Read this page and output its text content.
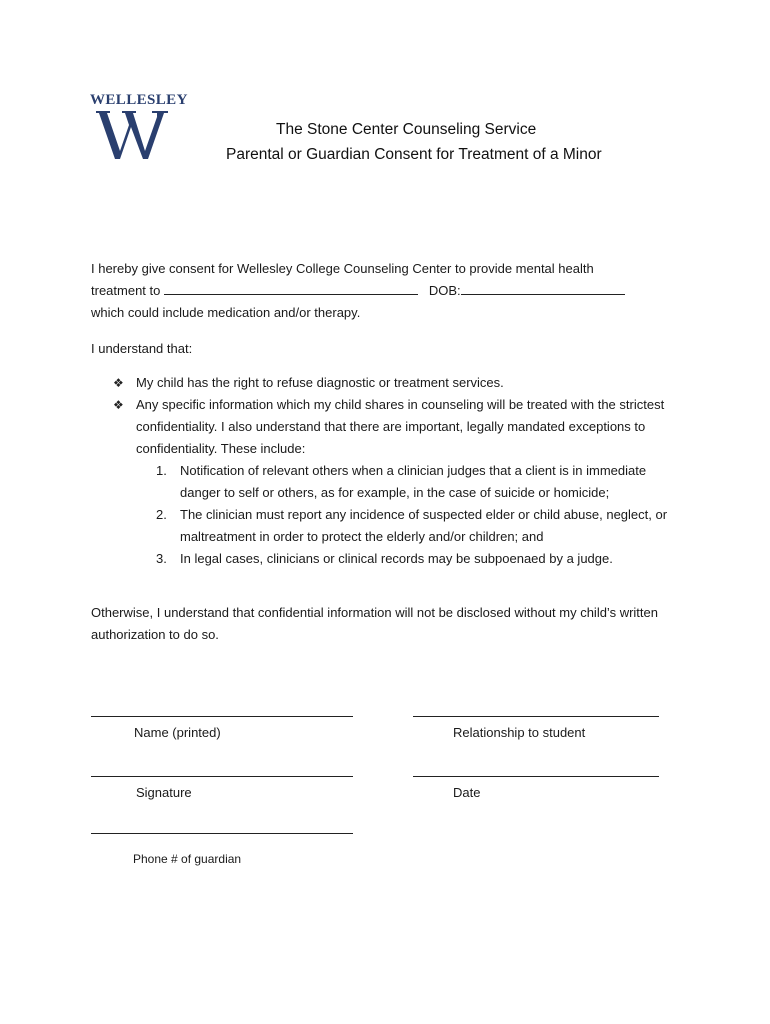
WELLESLEY
The Stone Center Counseling Service
Parental or Guardian Consent for Treatment of a Minor
I hereby give consent for Wellesley College Counseling Center to provide mental health
treatment to	DOB:
which could include medication and/or therapy.
I understand that:
❖ My child has the right to refuse diagnostic or treatment services.
❖ Any specific information which my child shares in counseling will be treated with the strictest confidentiality. I also understand that there are important, legally mandated exceptions to confidentiality. These include:
1. Notification of relevant others when a clinician judges that a client is in immediate danger to self or others, as for example, in the case of suicide or homicide;
2. The clinician must report any incidence of suspected elder or child abuse, neglect, or maltreatment in order to protect the elderly and/or children; and
3. In legal cases, clinicians or clinical records may be subpoenaed by a judge.
Otherwise, I understand that confidential information will not be disclosed without my child’s written authorization to do so.
Name (printed)	Relationship to student
Signature	Date
Phone # of guardian
